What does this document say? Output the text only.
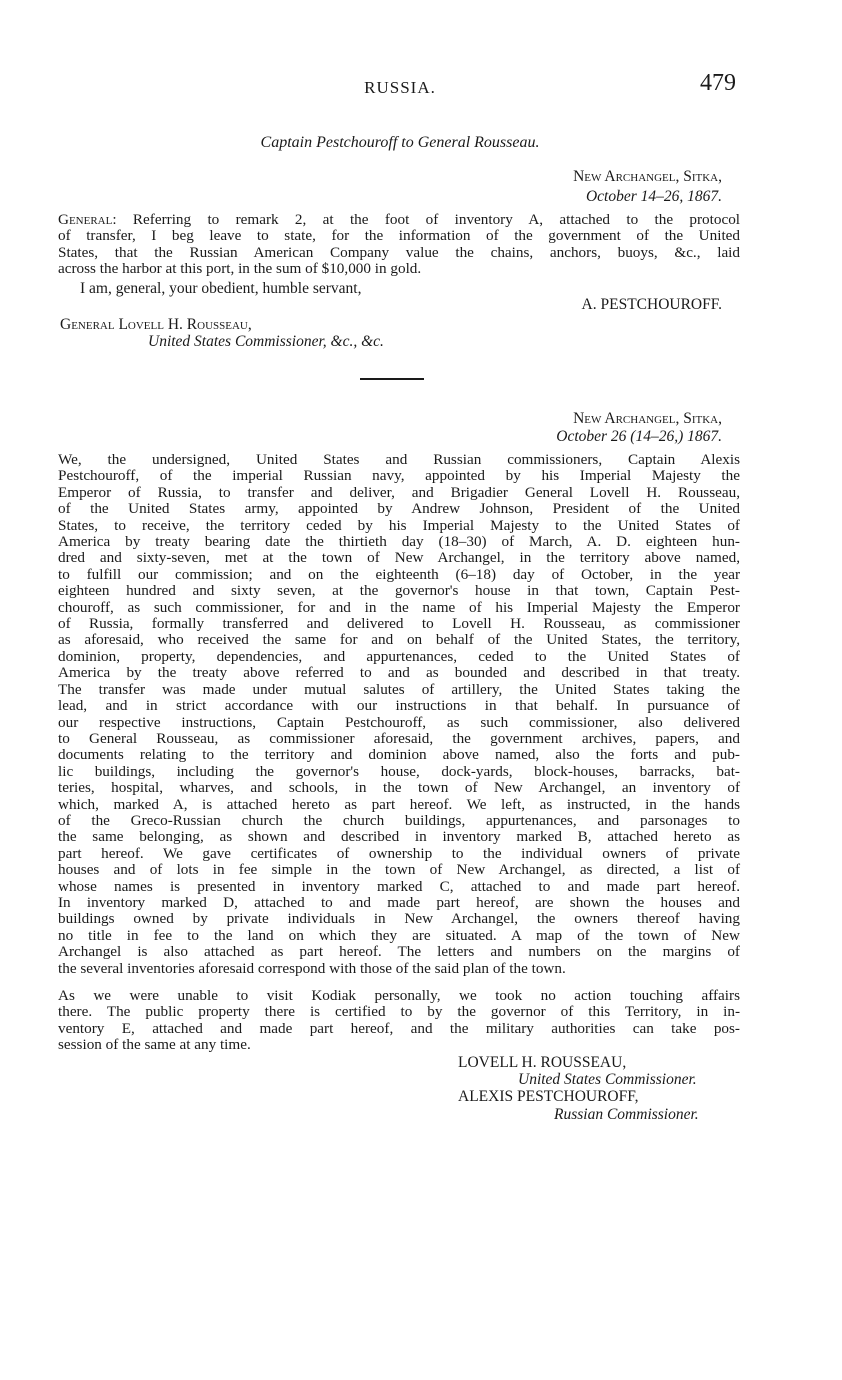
RUSSIA.	479
Captain Pestchouroff to General Rousseau.
New Archangel, Sitka,
October 14–26, 1867.
General: Referring to remark 2, at the foot of inventory A, attached to the protocol
of transfer, I beg leave to state, for the information of the government of the United
States, that the Russian American Company value the chains, anchors, buoys, &c., laid
across the harbor at this port, in the sum of $10,000 in gold.
I am, general, your obedient, humble servant,
A. PESTCHOUROFF.
General Lovell H. Rousseau,
United States Commissioner, &c., &c.
New Archangel, Sitka,
October 26 (14–26,) 1867.
We, the undersigned, United States and Russian commissioners, Captain Alexis
Pestchouroff, of the imperial Russian navy, appointed by his Imperial Majesty the
Emperor of Russia, to transfer and deliver, and Brigadier General Lovell H. Rousseau,
of the United States army, appointed by Andrew Johnson, President of the United
States, to receive, the territory ceded by his Imperial Majesty to the United States of
America by treaty bearing date the thirtieth day (18–30) of March, A. D. eighteen hun-
dred and sixty-seven, met at the town of New Archangel, in the territory above named,
to fulfill our commission; and on the eighteenth (6–18) day of October, in the year
eighteen hundred and sixty seven, at the governor's house in that town, Captain Pest-
chouroff, as such commissioner, for and in the name of his Imperial Majesty the Emperor
of Russia, formally transferred and delivered to Lovell H. Rousseau, as commissioner
as aforesaid, who received the same for and on behalf of the United States, the territory,
dominion, property, dependencies, and appurtenances, ceded to the United States of
America by the treaty above referred to and as bounded and described in that treaty.
The transfer was made under mutual salutes of artillery, the United States taking the
lead, and in strict accordance with our instructions in that behalf. In pursuance of
our respective instructions, Captain Pestchouroff, as such commissioner, also delivered
to General Rousseau, as commissioner aforesaid, the government archives, papers, and
documents relating to the territory and dominion above named, also the forts and pub-
lic buildings, including the governor's house, dock-yards, block-houses, barracks, bat-
teries, hospital, wharves, and schools, in the town of New Archangel, an inventory of
which, marked A, is attached hereto as part hereof. We left, as instructed, in the hands
of the Greco-Russian church the church buildings, appurtenances, and parsonages to
the same belonging, as shown and described in inventory marked B, attached hereto as
part hereof. We gave certificates of ownership to the individual owners of private
houses and of lots in fee simple in the town of New Archangel, as directed, a list of
whose names is presented in inventory marked C, attached to and made part hereof.
In inventory marked D, attached to and made part hereof, are shown the houses and
buildings owned by private individuals in New Archangel, the owners thereof having
no title in fee to the land on which they are situated. A map of the town of New
Archangel is also attached as part hereof. The letters and numbers on the margins of
the several inventories aforesaid correspond with those of the said plan of the town.
As we were unable to visit Kodiak personally, we took no action touching affairs
there. The public property there is certified to by the governor of this Territory, in in-
ventory E, attached and made part hereof, and the military authorities can take pos-
session of the same at any time.
LOVELL H. ROUSSEAU,
United States Commissioner.
ALEXIS PESTCHOUROFF,
Russian Commissioner.
